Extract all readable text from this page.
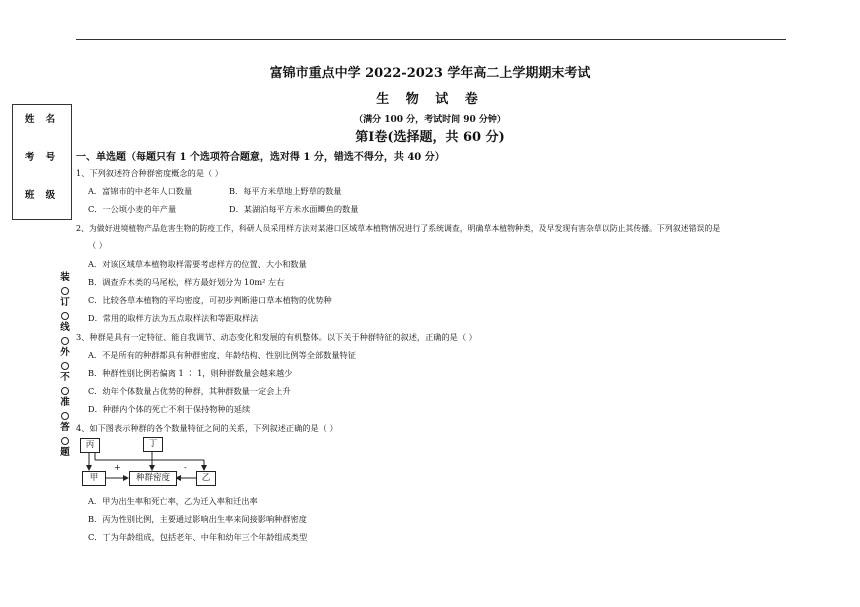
富锦市重点中学 2022-2023 学年高二上学期期末考试
生 物 试 卷
（满分 100 分，考试时间 90 分钟）
第Ⅰ卷(选择题，共 60 分)
姓 名
考 号
班 级
装
订
线
外
不
准
答
题
一、单选题（每题只有 1 个选项符合题意，选对得 1 分，错选不得分，共 40 分）
1、下列叙述符合种群密度概念的是（ ）
A．富锦市的中老年人口数量	B．每平方米草地上野草的数量
C．一公顷小麦的年产量	D．某湖泊每平方米水面鲫鱼的数量
2、为做好进境植物产品危害生物的防疫工作，科研人员采用样方法对某港口区域草本植物情况进行了系统调查，明确草本植物种类，及早发现有害杂草以防止其传播。下列叙述错误的是
（ ）
A．对该区域草本植物取样需要考虑样方的位置、大小和数量
B．调查乔木类的马尾松，样方最好划分为 10m² 左右
C．比较各草本植物的平均密度，可初步判断港口草本植物的优势种
D．常用的取样方法为五点取样法和等距取样法
3、种群是具有一定特征、能自我调节、动态变化和发展的有机整体。以下关于种群特征的叙述，正确的是（ ）
A．不是所有的种群都具有种群密度、年龄结构、性别比例等全部数量特征
B．种群性别比例若偏离 1 ∶ 1，则种群数量会越来越少
C．幼年个体数量占优势的种群，其种群数量一定会上升
D．种群内个体的死亡不利于保持物种的延续
4、如下图表示种群的各个数量特征之间的关系，下列叙述正确的是（ ）
丙	丁
甲	种群密度	乙
+	-
A．甲为出生率和死亡率，乙为迁入率和迁出率
B．丙为性别比例，主要通过影响出生率来间接影响种群密度
C．丁为年龄组成，包括老年、中年和幼年三个年龄组成类型
